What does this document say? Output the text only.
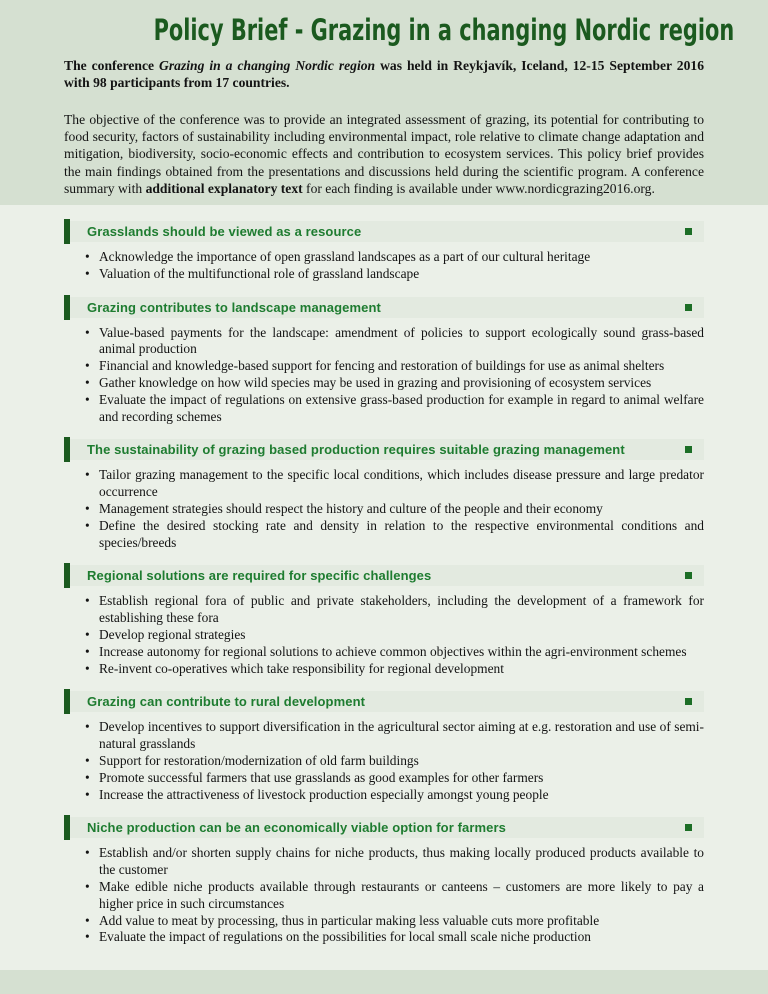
Policy Brief - Grazing in a changing Nordic region

The conference Grazing in a changing Nordic region was held in Reykjavík, Iceland, 12-15 September 2016 with 98 participants from 17 countries.

The objective of the conference was to provide an integrated assessment of grazing, its potential for contributing to food security, factors of sustainability including environmental impact, role relative to climate change adaptation and mitigation, biodiversity, socio-economic effects and contribution to ecosystem services. This policy brief provides the main findings obtained from the presentations and discussions held during the scientific program. A conference summary with additional explanatory text for each finding is available under www.nordicgrazing2016.org.

Grasslands should be viewed as a resource
• Acknowledge the importance of open grassland landscapes as a part of our cultural heritage
• Valuation of the multifunctional role of grassland landscape
Grazing contributes to landscape management
• Value-based payments for the landscape: amendment of policies to support ecologically sound grass-based animal production
• Financial and knowledge-based support for fencing and restoration of buildings for use as animal shelters
• Gather knowledge on how wild species may be used in grazing and provisioning of ecosystem services
• Evaluate the impact of regulations on extensive grass-based production for example in regard to animal welfare and recording schemes
The sustainability of grazing based production requires suitable grazing management
• Tailor grazing management to the specific local conditions, which includes disease pressure and large predator occurrence
• Management strategies should respect the history and culture of the people and their economy
• Define the desired stocking rate and density in relation to the respective environmental conditions and species/breeds
Regional solutions are required for specific challenges
• Establish regional fora of public and private stakeholders, including the development of a framework for establishing these fora
• Develop regional strategies
• Increase autonomy for regional solutions to achieve common objectives within the agri-environment schemes
• Re-invent co-operatives which take responsibility for regional development
Grazing can contribute to rural development
• Develop incentives to support diversification in the agricultural sector aiming at e.g. restoration and use of semi-natural grasslands
• Support for restoration/modernization of old farm buildings
• Promote successful farmers that use grasslands as good examples for other farmers
• Increase the attractiveness of livestock production especially amongst young people
Niche production can be an economically viable option for farmers
• Establish and/or shorten supply chains for niche products, thus making locally produced products available to the customer
• Make edible niche products available through restaurants or canteens – customers are more likely to pay a higher price in such circumstances
• Add value to meat by processing, thus in particular making less valuable cuts more profitable
• Evaluate the impact of regulations on the possibilities for local small scale niche production
